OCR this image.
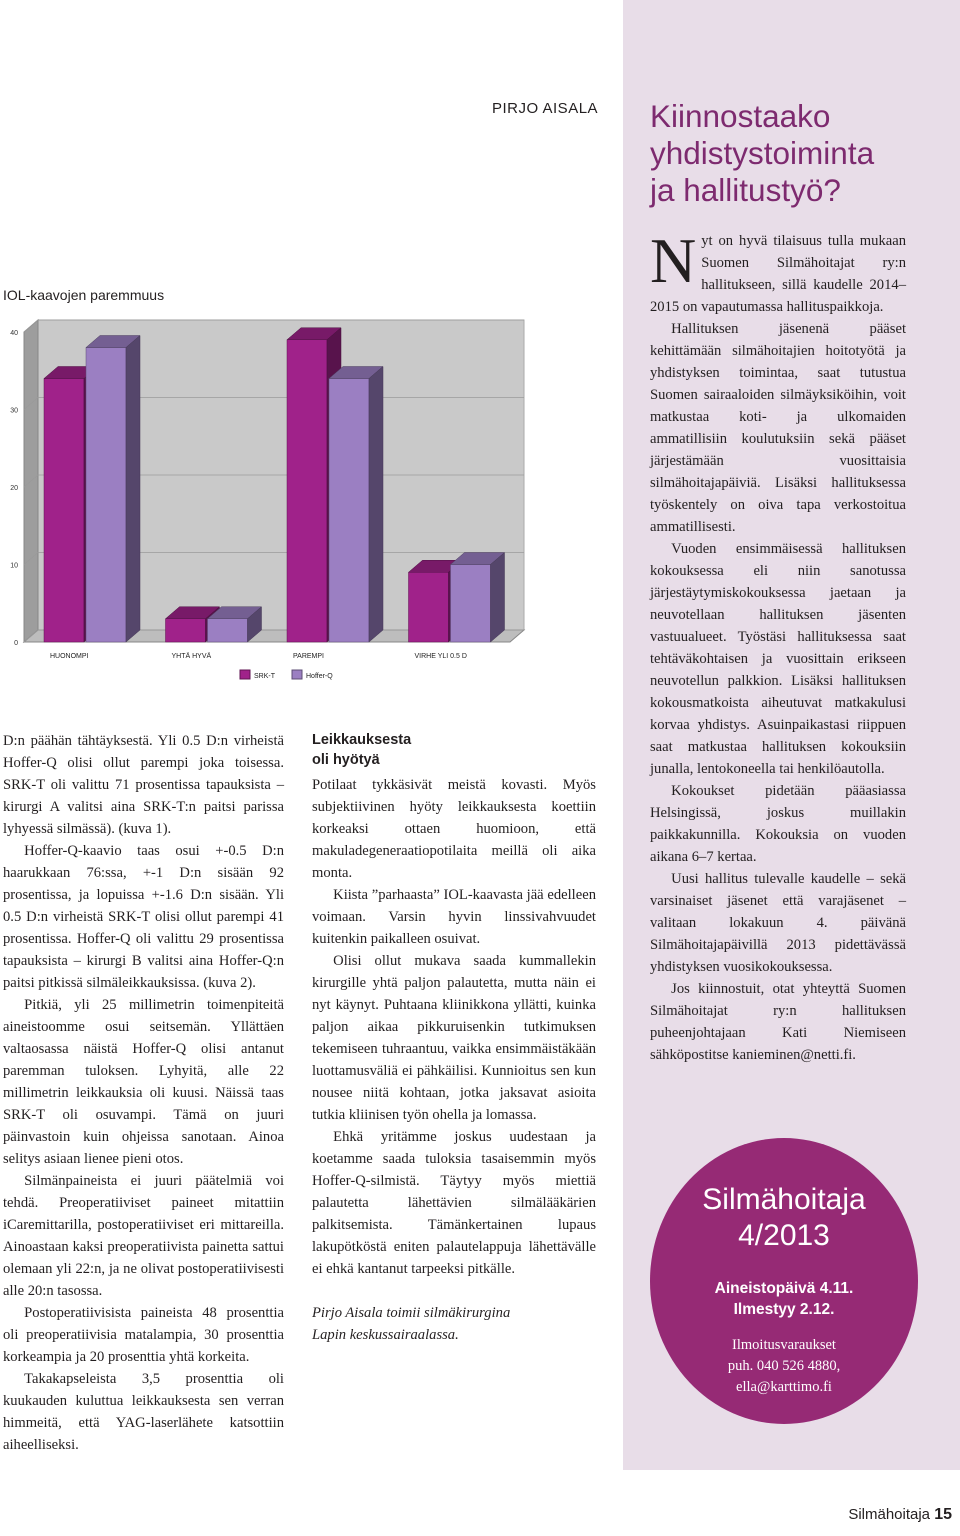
PIRJO AISALA
IOL-kaavojen paremmuus
0
10
20
30
40
HUONOMPI	YHTÄ HYVÄ	PAREMPI	VIRHE YLI 0.5 D
SRK-T	Hoffer-Q

D:n päähän tähtäyksestä. Yli 0.5 D:n virheistä Hoffer-Q olisi ollut parempi joka toisessa. SRK-T oli valittu 71 prosentissa tapauksista – kirurgi A valitsi aina SRK-T:n paitsi parissa lyhyessä silmässä). (kuva 1).

Hoffer-Q-kaavio taas osui +-0.5 D:n haarukkaan 76:ssa, +-1 D:n sisään 92 prosentissa, ja lopuissa +-1.6 D:n sisään. Yli 0.5 D:n virheistä SRK-T olisi ollut parempi 41 prosentissa. Hoffer-Q oli valittu 29 prosentissa tapauksista – kirurgi B valitsi aina Hoffer-Q:n paitsi pitkissä silmäleikkauksissa. (kuva 2).

Pitkiä, yli 25 millimetrin toimenpiteitä aineistoomme osui seitsemän. Yllättäen valtaosassa näistä Hoffer-Q olisi antanut paremman tuloksen. Lyhyitä, alle 22 millimetrin leikkauksia oli kuusi. Näissä taas SRK-T oli osuvampi. Tämä on juuri päinvastoin kuin ohjeissa sanotaan. Ainoa selitys asiaan lienee pieni otos.

Silmänpaineista ei juuri päätelmiä voi tehdä. Preoperatiiviset paineet mitattiin iCaremittarilla, postoperatiiviset eri mittareilla. Ainoastaan kaksi preoperatiivista painetta sattui olemaan yli 22:n, ja ne olivat postoperatiivisesti alle 20:n tasossa.

Postoperatiivisista paineista 48 prosenttia oli preoperatiivisia matalampia, 30 prosenttia korkeampia ja 20 prosenttia yhtä korkeita.

Takakapseleista 3,5 prosenttia oli kuukauden kuluttua leikkauksesta sen verran himmeitä, että YAG-laserlähete katsottiin aiheelliseksi.

Leikkauksesta
oli hyötyä

Potilaat tykkäsivät meistä kovasti. Myös subjektiivinen hyöty leikkauksesta koettiin korkeaksi ottaen huomioon, että makuladegeneraatiopotilaita meillä oli aika monta.

Kiista ”parhaasta” IOL-kaavasta jää edelleen voimaan. Varsin hyvin linssivahvuudet kuitenkin paikalleen osuivat.

Olisi ollut mukava saada kummallekin kirurgille yhtä paljon palautetta, mutta näin ei nyt käynyt. Puhtaana kliinikkona yllätti, kuinka paljon aikaa pikkuruisenkin tutkimuksen tekemiseen tuhraantuu, vaikka ensimmäistäkään luottamusväliä ei pähkäilisi. Kunnioitus sen kun nousee niitä kohtaan, jotka jaksavat asioita tutkia kliinisen työn ohella ja lomassa.

Ehkä yritämme joskus uudestaan ja koetamme saada tuloksia tasaisemmin myös Hoffer-Q-silmistä. Täytyy myös miettiä palautetta lähettävien silmälääkärien palkitsemista. Tämänkertainen lupaus lakupötköstä eniten palautelappuja lähettävälle ei ehkä kantanut tarpeeksi pitkälle.

Pirjo Aisala toimii silmäkirurgina
Lapin keskussairaalassa.

Kiinnostaako
yhdistystoiminta
ja hallitustyö?

Nyt on hyvä tilaisuus tulla mukaan Suomen Silmähoitajat ry:n hallitukseen, sillä kaudelle 2014–2015 on vapautumassa hallituspaikkoja.

Hallituksen jäsenenä pääset kehittämään silmähoitajien hoitotyötä ja yhdistyksen toimintaa, saat tutustua Suomen sairaaloiden silmäyksiköihin, voit matkustaa koti- ja ulkomaiden ammatillisiin koulutuksiin sekä pääset järjestämään vuosittaisia silmähoitajapäiviä. Lisäksi hallituksessa työskentely on oiva tapa verkostoitua ammatillisesti.

Vuoden ensimmäisessä hallituksen kokouksessa eli niin sanotussa järjestäytymiskokouksessa jaetaan ja neuvotellaan hallituksen jäsenten vastuualueet. Työstäsi hallituksessa saat tehtäväkohtaisen ja vuosittain erikseen neuvotellun palkkion. Lisäksi hallituksen kokousmatkoista aiheutuvat matkakulusi korvaa yhdistys. Asuinpaikastasi riippuen saat matkustaa hallituksen kokouksiin junalla, lentokoneella tai henkilöautolla.

Kokoukset pidetään pääasiassa Helsingissä, joskus muillakin paikkakunnilla. Kokouksia on vuoden aikana 6–7 kertaa.

Uusi hallitus tulevalle kaudelle – sekä varsinaiset jäsenet että varajäsenet – valitaan lokakuun 4. päivänä Silmähoitajapäivillä 2013 pidettävässä yhdistyksen vuosikokouksessa.

Jos kiinnostuit, otat yhteyttä Suomen Silmähoitajat ry:n hallituksen puheenjohtajaan Kati Niemiseen sähköpostitse kanieminen@netti.fi.

Silmähoitaja
4/2013
Aineistopäivä 4.11.
Ilmestyy 2.12.
Ilmoitusvaraukset
puh. 040 526 4880,
ella@karttimo.fi
Silmähoitaja 15
